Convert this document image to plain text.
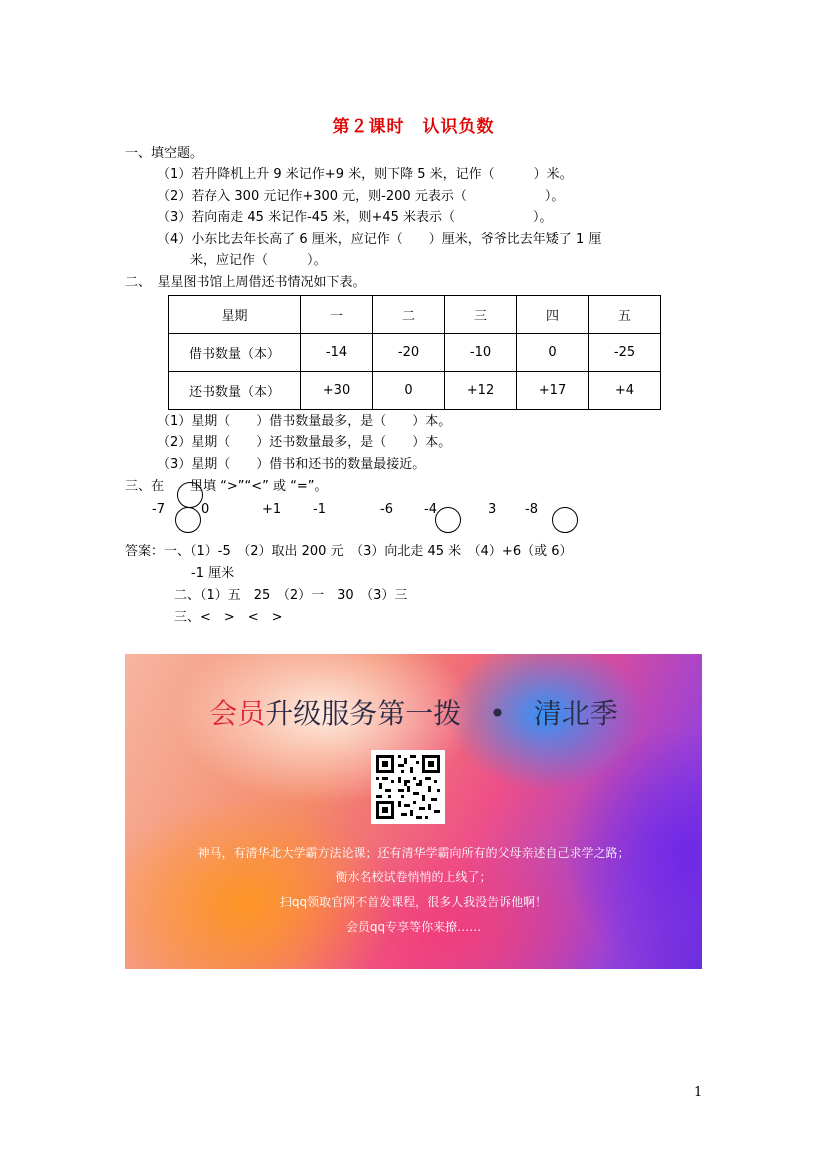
第２课时　认识负数
一、填空题。
（1）若升降机上升 9 米记作+9 米，则下降 5 米，记作（　　　）米。
（2）若存入 300 元记作+300 元，则-200 元表示（　　　　　　）。
（3）若向南走 45 米记作-45 米，则+45 米表示（　　　　　　）。
（4）小东比去年长高了 6 厘米，应记作（　　）厘米，爷爷比去年矮了 1 厘
米，应记作（　　　）。
二、　星星图书馆上周借还书情况如下表。
星期	一	二	三	四	五
借书数量（本）	-14	-20	-10	0	-25
还书数量（本）	+30	0	+12	+17	+4
（1）星期（　　）借书数量最多，是（　　）本。
（2）星期（　　）还书数量最多，是（　　）本。
（3）星期（　　）借书和还书的数量最接近。
三、在　　里填 “>”“<” 或 “=”。
-7	0	+1 -1	-6 -4	3 -8
答案：一、（1）-5　（2）取出 200 元　（3）向北走 45 米　（4）+6（或 6）
-1 厘米
二、（1）五　25　（2）一　30　（3）三
三、<　>　<　>
会员升级服务第一拨　•　清北季
神马，有清华北大学霸方法论课；还有清华学霸向所有的父母亲述自己求学之路；
衡水名校试卷悄悄的上线了；
扫qq领取官网不首发课程，很多人我没告诉他啊！
会员qq专享等你来撩……
1
